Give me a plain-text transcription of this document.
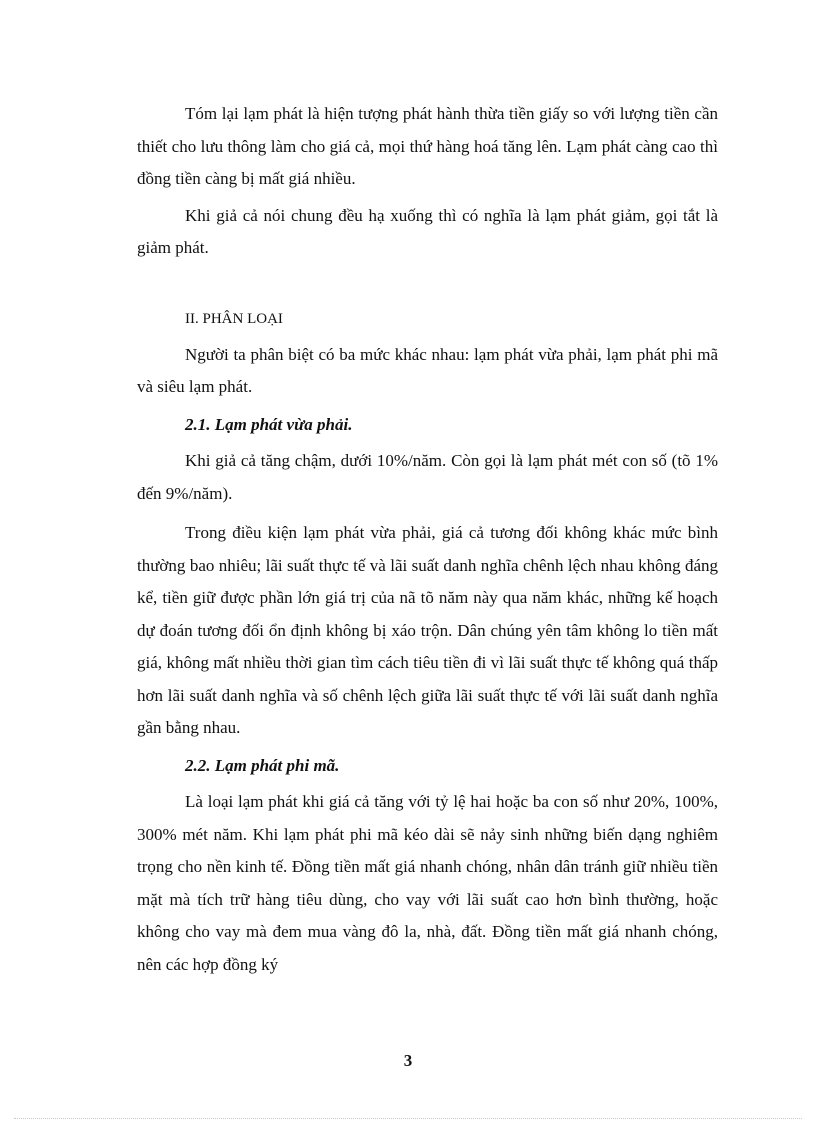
Tóm lại lạm phát là hiện tượng phát hành thừa tiền giấy so với lượng tiền cần thiết cho lưu thông làm cho giá cả, mọi thứ hàng hoá tăng lên. Lạm phát càng cao thì đồng tiền càng bị mất giá nhiều.

Khi giả cả nói chung đều hạ xuống thì có nghĩa là lạm phát giảm, gọi tắt là giảm phát.

II. PHÂN LOẠI

Người ta phân biệt có ba mức khác nhau: lạm phát vừa phải, lạm phát phi mã và siêu lạm phát.

2.1. Lạm phát vừa phải.

Khi giả cả tăng chậm, dưới 10%/năm. Còn gọi là lạm phát mét con số (tõ 1% đến 9%/năm).

Trong điều kiện lạm phát vừa phải, giá cả tương đối không khác mức bình thường bao nhiêu; lãi suất thực tế và lãi suất danh nghĩa chênh lệch nhau không đáng kể, tiền giữ được phần lớn giá trị của nã tõ năm này qua năm khác, những kế hoạch dự đoán tương đối ổn định không bị xáo trộn. Dân chúng yên tâm không lo tiền mất giá, không mất nhiều thời gian tìm cách tiêu tiền đi vì lãi suất thực tế không quá thấp hơn lãi suất danh nghĩa và số chênh lệch giữa lãi suất thực tế với lãi suất danh nghĩa gần bằng nhau.

2.2. Lạm phát phi mã.

Là loại lạm phát khi giá cả tăng với tỷ lệ hai hoặc ba con số như 20%, 100%, 300% mét năm. Khi lạm phát phi mã kéo dài sẽ nảy sinh những biến dạng nghiêm trọng cho nền kinh tế. Đồng tiền mất giá nhanh chóng, nhân dân tránh giữ nhiều tiền mặt mà tích trữ hàng tiêu dùng, cho vay với lãi suất cao hơn bình thường, hoặc không cho vay mà đem mua vàng đô la, nhà, đất. Đồng tiền mất giá nhanh chóng, nên các hợp đồng ký

3
